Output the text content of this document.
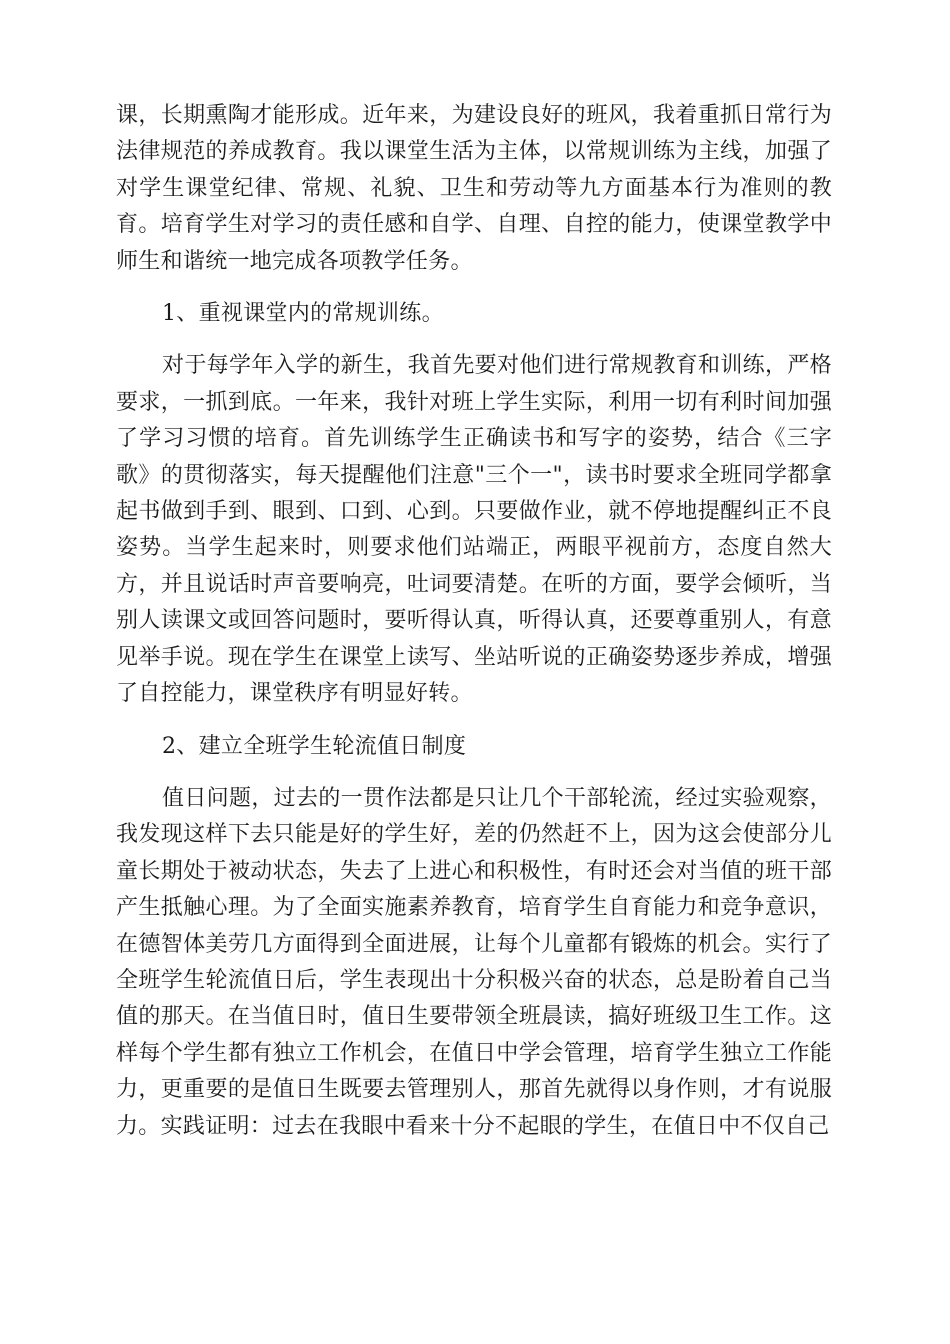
课，长期熏陶才能形成。近年来，为建设良好的班风，我着重抓日常行为法律规范的养成教育。我以课堂生活为主体，以常规训练为主线，加强了对学生课堂纪律、常规、礼貌、卫生和劳动等九方面基本行为准则的教育。培育学生对学习的责任感和自学、自理、自控的能力，使课堂教学中师生和谐统一地完成各项教学任务。

1、重视课堂内的常规训练。

对于每学年入学的新生，我首先要对他们进行常规教育和训练，严格要求，一抓到底。一年来，我针对班上学生实际，利用一切有利时间加强了学习习惯的培育。首先训练学生正确读书和写字的姿势，结合《三字歌》的贯彻落实，每天提醒他们注意"三个一"，读书时要求全班同学都拿起书做到手到、眼到、口到、心到。只要做作业，就不停地提醒纠正不良姿势。当学生起来时，则要求他们站端正，两眼平视前方，态度自然大方，并且说话时声音要响亮，吐词要清楚。在听的方面，要学会倾听，当别人读课文或回答问题时，要听得认真，听得认真，还要尊重别人，有意见举手说。现在学生在课堂上读写、坐站听说的正确姿势逐步养成，增强了自控能力，课堂秩序有明显好转。

2、建立全班学生轮流值日制度

值日问题，过去的一贯作法都是只让几个干部轮流，经过实验观察，我发现这样下去只能是好的学生好，差的仍然赶不上，因为这会使部分儿童长期处于被动状态，失去了上进心和积极性，有时还会对当值的班干部产生抵触心理。为了全面实施素养教育，培育学生自育能力和竞争意识，在德智体美劳几方面得到全面进展，让每个儿童都有锻炼的机会。实行了全班学生轮流值日后，学生表现出十分积极兴奋的状态，总是盼着自己当值的那天。在当值日时，值日生要带领全班晨读，搞好班级卫生工作。这样每个学生都有独立工作机会，在值日中学会管理，培育学生独立工作能力，更重要的是值日生既要去管理别人，那首先就得以身作则，才有说服力。实践证明：过去在我眼中看来十分不起眼的学生，在值日中不仅自己
